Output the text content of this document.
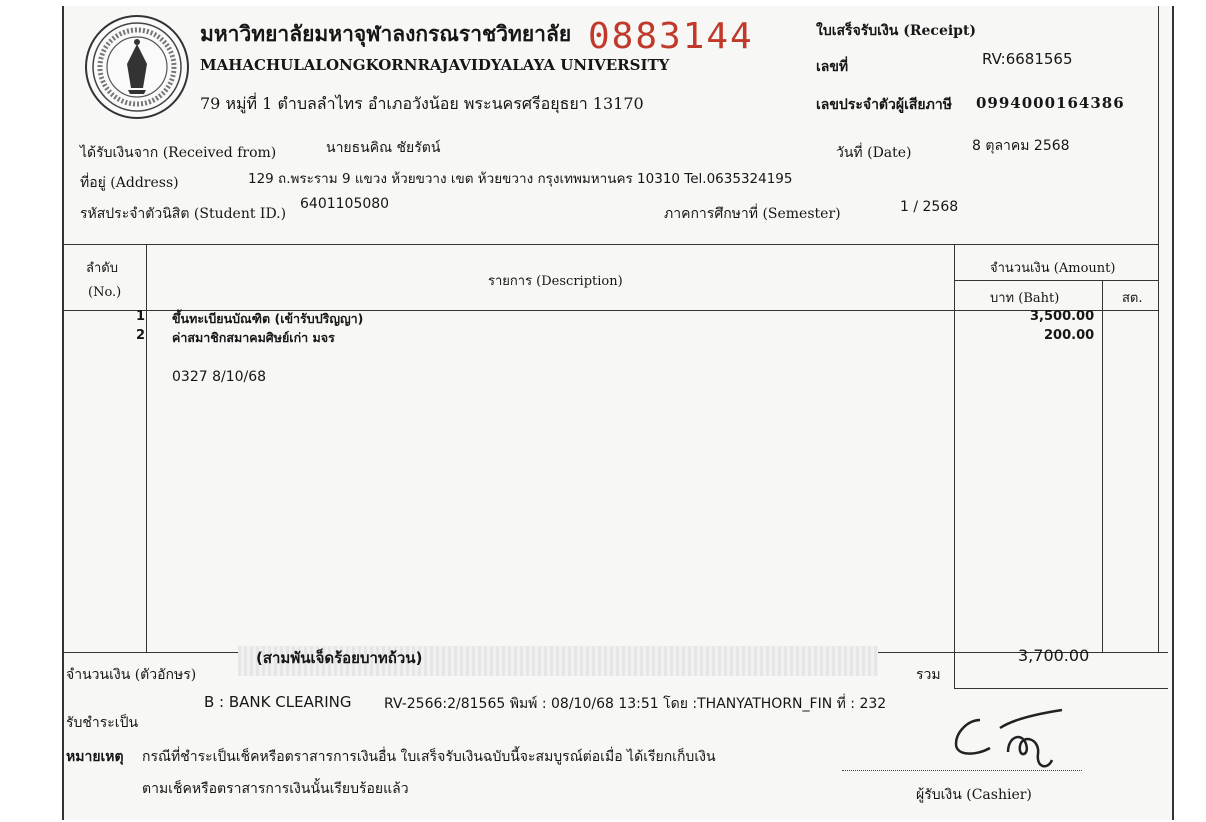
มหาวิทยาลัยมหาจุฬาลงกรณราชวิทยาลัย 0883144
MAHACHULALONGKORNRAJAVIDYALAYA UNIVERSITY
79 หมู่ที่ 1 ตำบลลำไทร อำเภอวังน้อย พระนครศรีอยุธยา 13170
ใบเสร็จรับเงิน (Receipt)
เลขที่	RV:6681565
เลขประจำตัวผู้เสียภาษี 0994000164386
ได้รับเงินจาก (Received from)	นายธนคิณ ชัยรัตน์	วันที่ (Date)	8 ตุลาคม 2568
ที่อยู่ (Address)	129 ถ.พระราม 9 แขวง ห้วยขวาง เขต ห้วยขวาง กรุงเทพมหานคร 10310 Tel.0635324195
รหัสประจำตัวนิสิต (Student ID.)
6401105080
ภาคการศึกษาที่ (Semester)	1 / 2568
ลำดับ
(No.)
รายการ (Description)
จำนวนเงิน (Amount)
บาท (Baht)	สต.
1 ขึ้นทะเบียนบัณฑิต (เข้ารับปริญญา)	3,500.00
2 ค่าสมาชิกสมาคมศิษย์เก่า มจร	200.00
0327 8/10/68
จำนวนเงิน (ตัวอักษร)
(สามพันเจ็ดร้อยบาทถ้วน)
รวม
3,700.00
B : BANK CLEARING RV-2566:2/81565 พิมพ์ : 08/10/68 13:51 โดย :THANYATHORN_FIN ที่ : 232
รับชำระเป็น
หมายเหตุ กรณีที่ชำระเป็นเช็คหรือตราสารการเงินอื่น ใบเสร็จรับเงินฉบับนี้จะสมบูรณ์ต่อเมื่อ ได้เรียกเก็บเงิน
ตามเช็คหรือตราสารการเงินนั้นเรียบร้อยแล้ว	ผู้รับเงิน (Cashier)
